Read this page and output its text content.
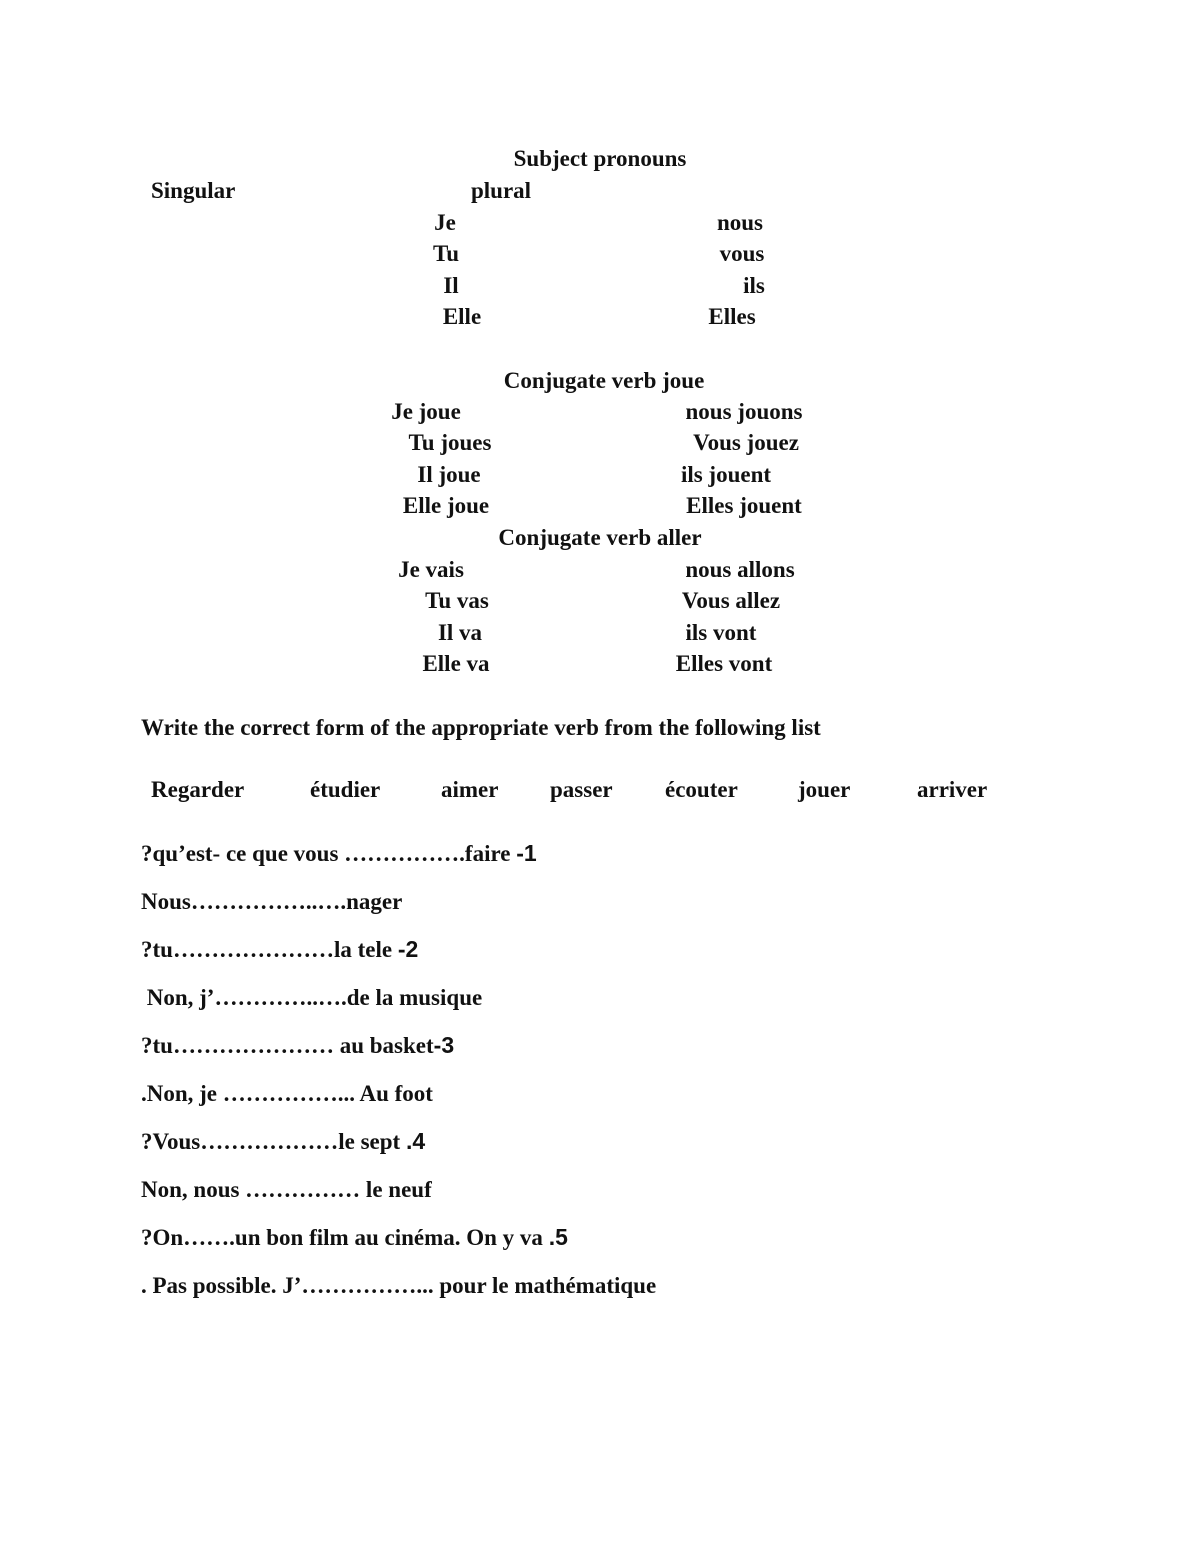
Subject pronouns
Singular	plural
Je	nous
Tu	vous
Il	ils
Elle	Elles
Conjugate verb joue
Je joue	nous jouons
Tu joues	Vous jouez
Il joue	ils jouent
Elle joue	Elles jouent
Conjugate verb aller
Je vais	nous allons
Tu vas	Vous allez
Il va	ils vont
Elle va	Elles vont
Write the correct form of the appropriate verb from the following list
Regarder	étudier	aimer passer écouter	jouer	arriver
?qu’est- ce que vous …………….faire -1
Nous……………..….nager
?tu…………………la tele -2
Non, j’…………..….de la musique
?tu………………… au basket-3
.Non, je ……………... Au foot
?Vous………………le sept .4
Non, nous …………… le neuf
?On…….un bon film au cinéma. On y va .5
. Pas possible. J’……………... pour le mathématique
